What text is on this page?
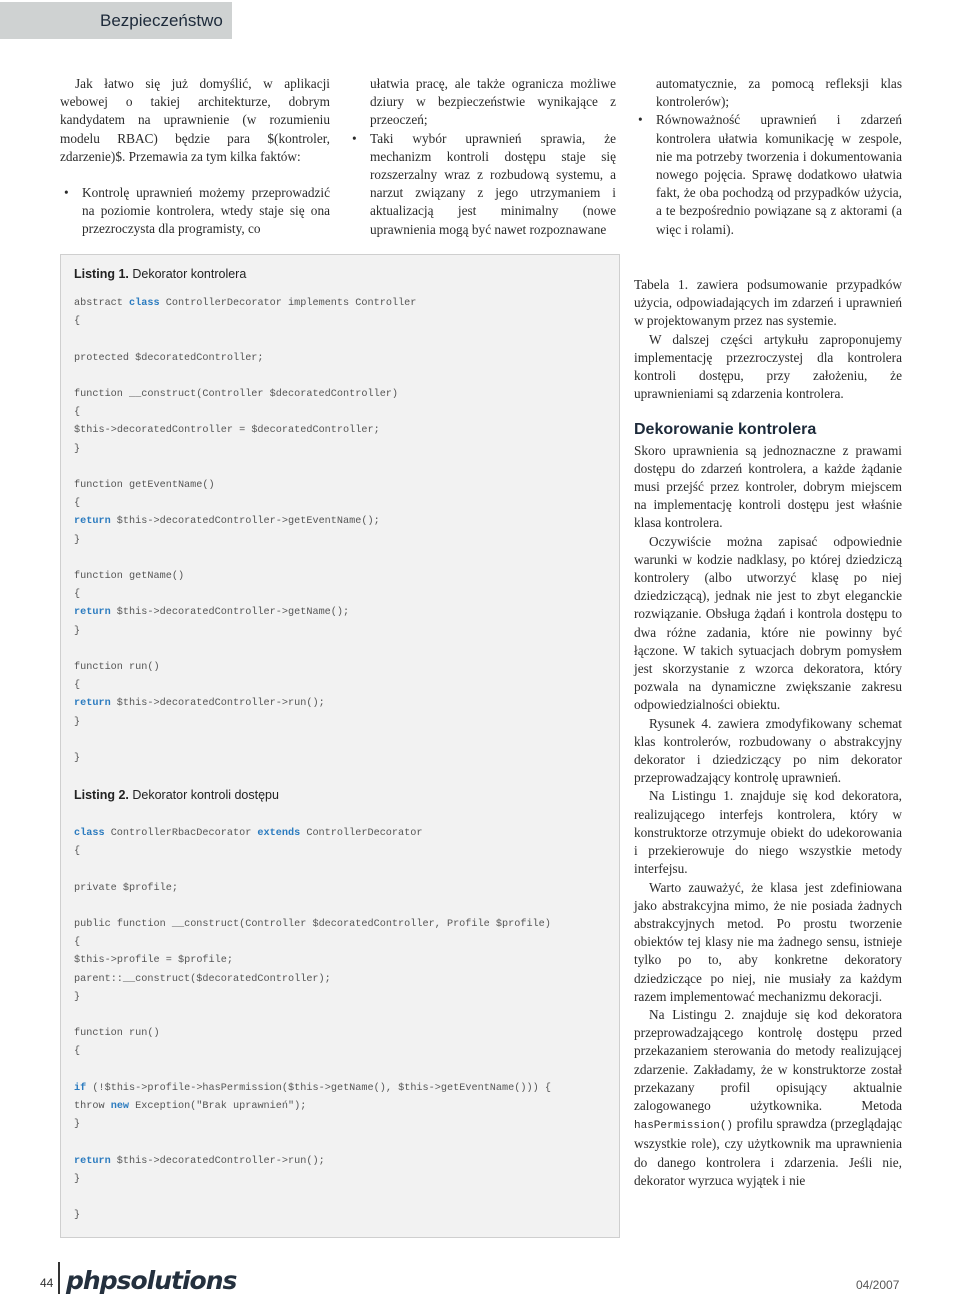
Bezpieczeństwo

Jak łatwo się już domyślić, w aplikacji webowej o takiej architekturze, dobrym kandydatem na uprawnienie (w rozumieniu modelu RBAC) będzie para $(kontroler, zdarzenie)$. Przemawia za tym kilka faktów:

• Kontrolę uprawnień możemy przeprowadzić na poziomie kontrolera, wtedy staje się ona przezroczysta dla programisty, co

ułatwia pracę, ale także ogranicza możliwe dziury w bezpieczeństwie wynikające z przeoczeń;

• Taki wybór uprawnień sprawia, że mechanizm kontroli dostępu staje się rozszerzalny wraz z rozbudową systemu, a narzut związany z jego utrzymaniem i aktualizacją jest minimalny (nowe uprawnienia mogą być nawet rozpoznawane

automatycznie, za pomocą refleksji klas kontrolerów);

• Równoważność uprawnień i zdarzeń kontrolera ułatwia komunikację w zespole, nie ma potrzeby tworzenia i dokumentowania nowego pojęcia. Sprawę dodatkowo ułatwia fakt, że oba pochodzą od przypadków użycia, a te bezpośrednio powiązane są z aktorami (a więc i rolami).
Listing 1. Dekorator kontrolera
abstract class ControllerDecorator implements Controller
{
protected $decoratedController;
function __construct(Controller $decoratedController)
{
$this->decoratedController = $decoratedController;
}
function getEventName()
{
return $this->decoratedController->getEventName();
}
function getName()
{
return $this->decoratedController->getName();
}
function run()
{
return $this->decoratedController->run();
}
}
Listing 2. Dekorator kontroli dostępu
class ControllerRbacDecorator extends ControllerDecorator
{
private $profile;
public function __construct(Controller $decoratedController, Profile $profile)
{
$this->profile = $profile;
parent::__construct($decoratedController);
}
function run()
{
if (!$this->profile->hasPermission($this->getName(), $this->getEventName())) {
throw new Exception("Brak uprawnień");
}
return $this->decoratedController->run();
}
}

Tabela 1. zawiera podsumowanie przypadków użycia, odpowiadających im zdarzeń i uprawnień w projektowanym przez nas systemie.

W dalszej części artykułu zaproponujemy implementację przezroczystej dla kontrolera kontroli dostępu, przy założeniu, że uprawnieniami są zdarzenia kontrolera.

Dekorowanie kontrolera

Skoro uprawnienia są jednoznaczne z prawami dostępu do zdarzeń kontrolera, a każde żądanie musi przejść przez kontroler, dobrym miejscem na implementację kontroli dostępu jest właśnie klasa kontrolera.

Oczywiście można zapisać odpowiednie warunki w kodzie nadklasy, po której dziedziczą kontrolery (albo utworzyć klasę po niej dziedziczącą), jednak nie jest to zbyt eleganckie rozwiązanie. Obsługa żądań i kontrola dostępu to dwa różne zadania, które nie powinny być łączone. W takich sytuacjach dobrym pomysłem jest skorzystanie z wzorca dekoratora, który pozwala na dynamiczne zwiększanie zakresu odpowiedzialności obiektu.

Rysunek 4. zawiera zmodyfikowany schemat klas kontrolerów, rozbudowany o abstrakcyjny dekorator i dziedziczący po nim dekorator przeprowadzający kontrolę uprawnień.

Na Listingu 1. znajduje się kod dekoratora, realizującego interfejs kontrolera, który w konstruktorze otrzymuje obiekt do udekorowania i przekierowuje do niego wszystkie metody interfejsu.

Warto zauważyć, że klasa jest zdefiniowana jako abstrakcyjna mimo, że nie posiada żadnych abstrakcyjnych metod. Po prostu tworzenie obiektów tej klasy nie ma żadnego sensu, istnieje tylko po to, aby konkretne dekoratory dziedziczące po niej, nie musiały za każdym razem implementować mechanizmu dekoracji.

Na Listingu 2. znajduje się kod dekoratora przeprowadzającego kontrolę dostępu przed przekazaniem sterowania do metody realizującej zdarzenie. Zakładamy, że w konstruktorze został przekazany profil opisujący aktualnie zalogowanego użytkownika. Metoda hasPermission() profilu sprawdza (przeglądając wszystkie role), czy użytkownik ma uprawnienia do danego kontrolera i zdarzenia. Jeśli nie, dekorator wyrzuca wyjątek i nie

44 phpsolutions	04/2007
